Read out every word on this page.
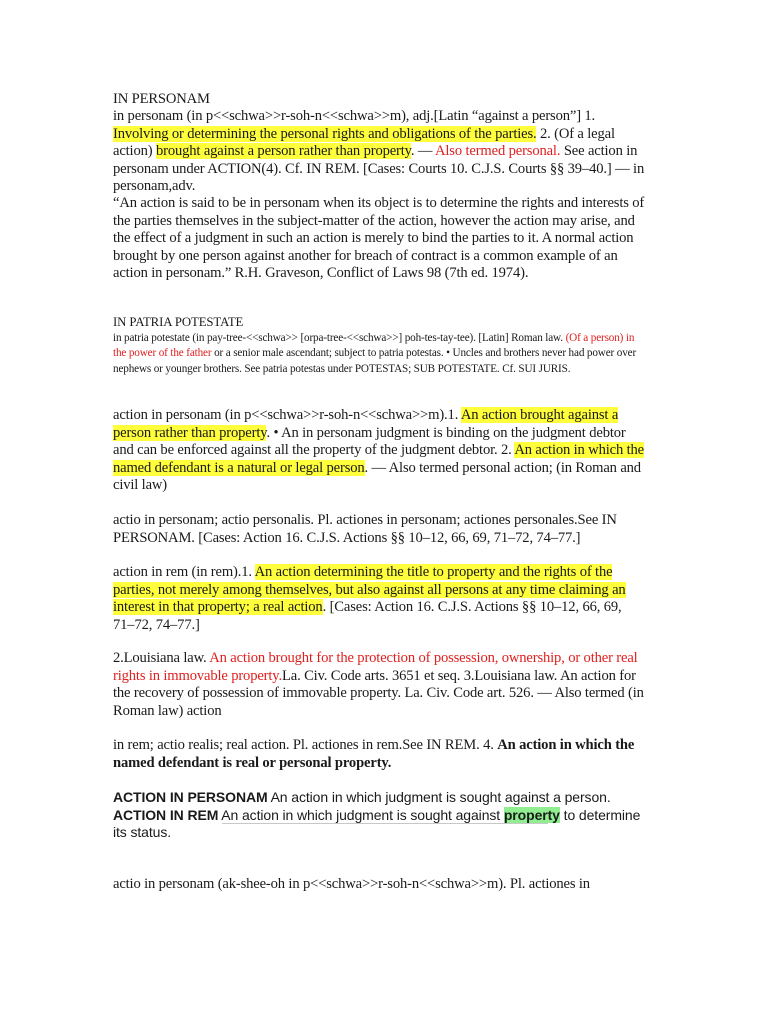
IN PERSONAM

in personam (in p<<schwa>>r-soh-n<<schwa>>m), adj.[Latin “against a person”] 1. Involving or determining the personal rights and obligations of the parties. 2. (Of a legal action) brought against a person rather than property. — Also termed personal. See action in personam under ACTION(4). Cf. IN REM. [Cases: Courts 10. C.J.S. Courts §§ 39–40.] — in personam,adv.

“An action is said to be in personam when its object is to determine the rights and interests of the parties themselves in the subject-matter of the action, however the action may arise, and the effect of a judgment in such an action is merely to bind the parties to it. A normal action brought by one person against another for breach of contract is a common example of an action in personam.” R.H. Graveson, Conflict of Laws 98 (7th ed. 1974).

IN PATRIA POTESTATE

in patria potestate (in pay-tree-<<schwa>> [orpa-tree-<<schwa>>] poh-tes-tay-tee). [Latin] Roman law. (Of a person) in the power of the father or a senior male ascendant; subject to patria potestas. • Uncles and brothers never had power over nephews or younger brothers. See patria potestas under POTESTAS; SUB POTESTATE. Cf. SUI JURIS.

action in personam (in p<<schwa>>r-soh-n<<schwa>>m).1. An action brought against a person rather than property. • An in personam judgment is binding on the judgment debtor and can be enforced against all the property of the judgment debtor. 2. An action in which the named defendant is a natural or legal person. — Also termed personal action; (in Roman and civil law)

actio in personam; actio personalis. Pl. actiones in personam; actiones personales.See IN PERSONAM. [Cases: Action 16. C.J.S. Actions §§ 10–12, 66, 69, 71–72, 74–77.]

action in rem (in rem).1. An action determining the title to property and the rights of the parties, not merely among themselves, but also against all persons at any time claiming an interest in that property; a real action. [Cases: Action 16. C.J.S. Actions §§ 10–12, 66, 69, 71–72, 74–77.]

2.Louisiana law. An action brought for the protection of possession, ownership, or other real rights in immovable property.La. Civ. Code arts. 3651 et seq. 3.Louisiana law. An action for the recovery of possession of immovable property. La. Civ. Code art. 526. — Also termed (in Roman law) action

in rem; actio realis; real action. Pl. actiones in rem.See IN REM. 4. An action in which the named defendant is real or personal property.

ACTION IN PERSONAM An action in which judgment is sought against a person.

ACTION IN REM An action in which judgment is sought against property to determine its status.

actio in personam (ak-shee-oh in p<<schwa>>r-soh-n<<schwa>>m). Pl. actiones in
